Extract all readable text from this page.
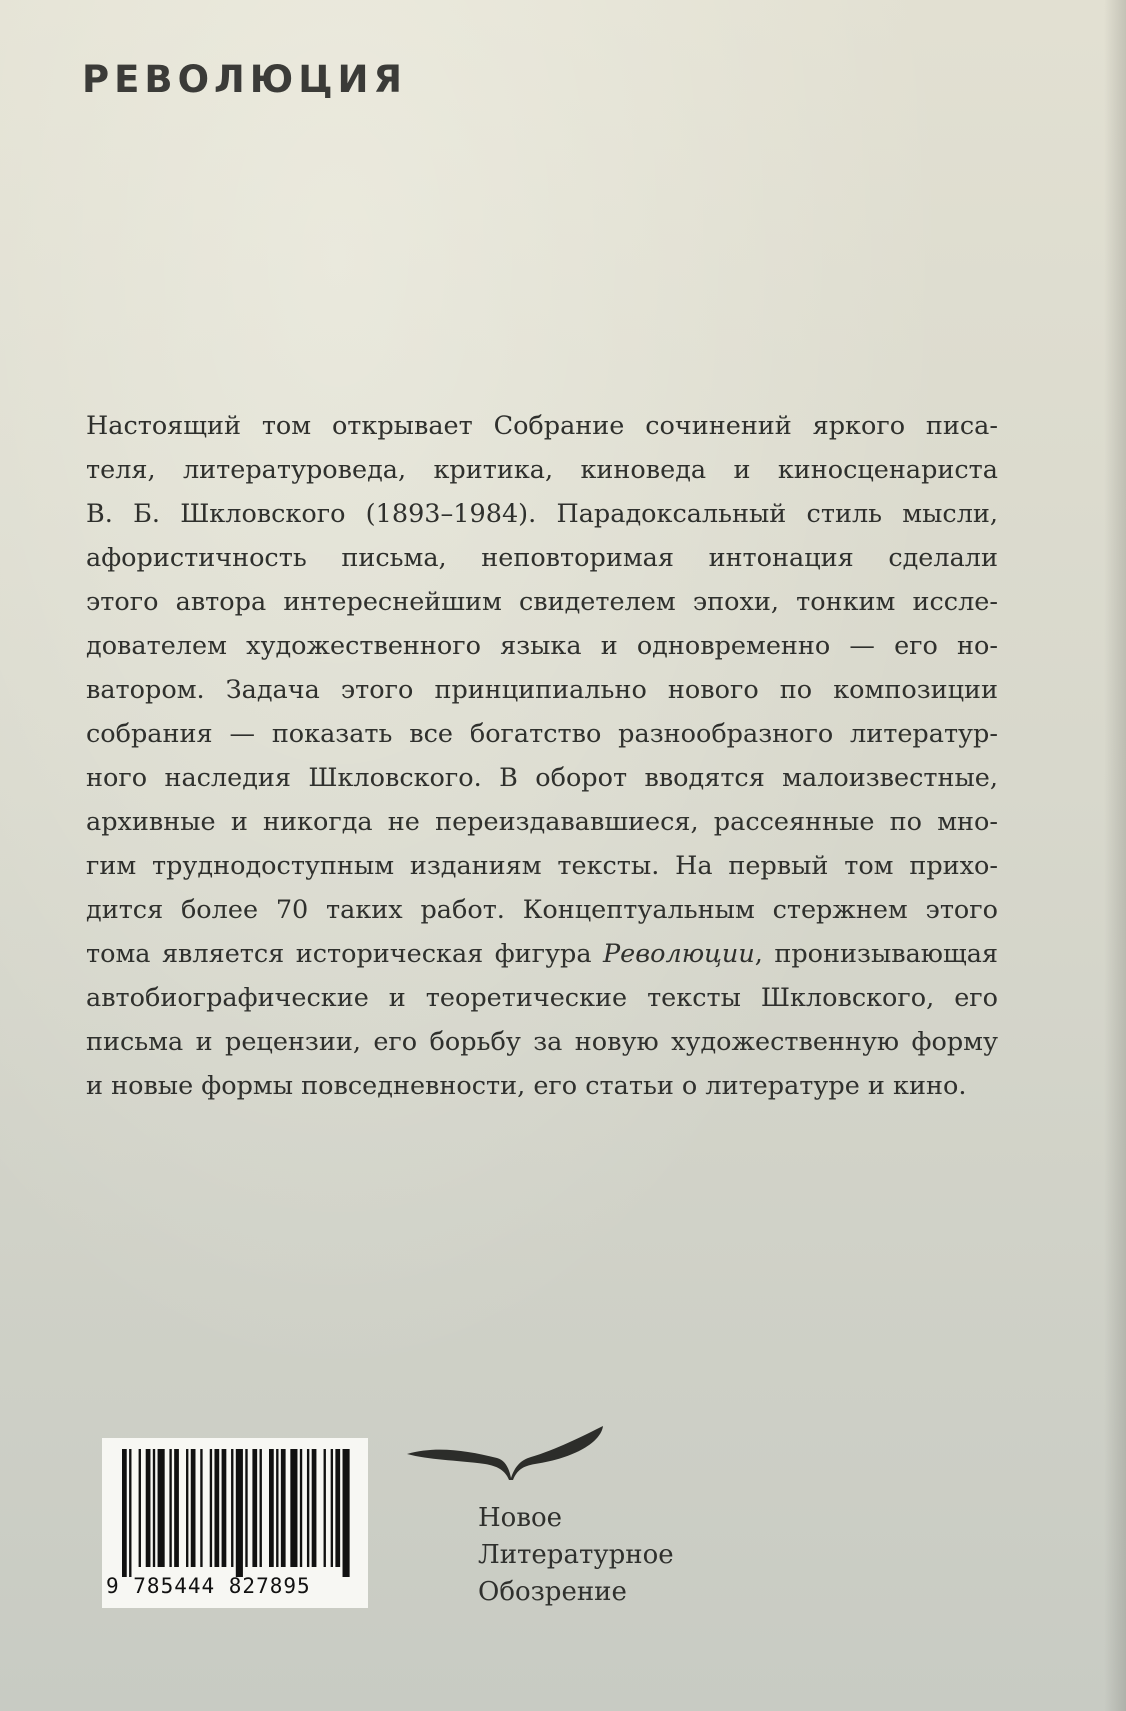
РЕВОЛЮЦИЯ
Настоящий том открывает Собрание сочинений яркого писа-
теля, литературоведа, критика, киноведа и киносценариста
В. Б. Шкловского (1893–1984). Парадоксальный стиль мысли,
афористичность письма, неповторимая интонация сделали
этого автора интереснейшим свидетелем эпохи, тонким иссле-
дователем художественного языка и одновременно — его но-
ватором. Задача этого принципиально нового по композиции
собрания — показать все богатство разнообразного литератур-
ного наследия Шкловского. В оборот вводятся малоизвестные,
архивные и никогда не переиздававшиеся, рассеянные по мно-
гим труднодоступным изданиям тексты. На первый том прихо-
дится более 70 таких работ. Концептуальным стержнем этого
тома является историческая фигура Революции, пронизывающая
автобиографические и теоретические тексты Шкловского, его
письма и рецензии, его борьбу за новую художественную форму
и новые формы повседневности, его статьи о литературе и кино.
9 785444 827895
Новое
Литературное
Обозрение
